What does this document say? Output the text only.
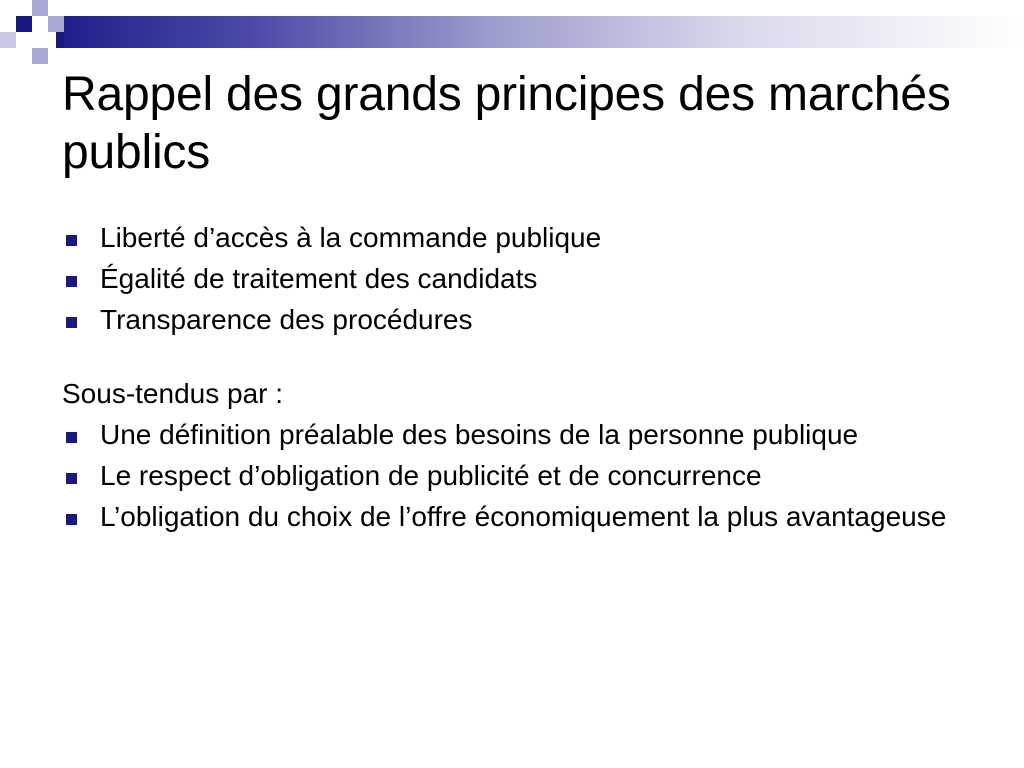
Rappel des grands principes des marchés publics
Liberté d’accès à la commande publique
Égalité de traitement des candidats
Transparence des procédures
Sous-tendus par :
Une définition préalable des besoins de la personne publique
Le respect d’obligation de publicité et de concurrence
L’obligation du choix de l’offre économiquement la plus avantageuse
